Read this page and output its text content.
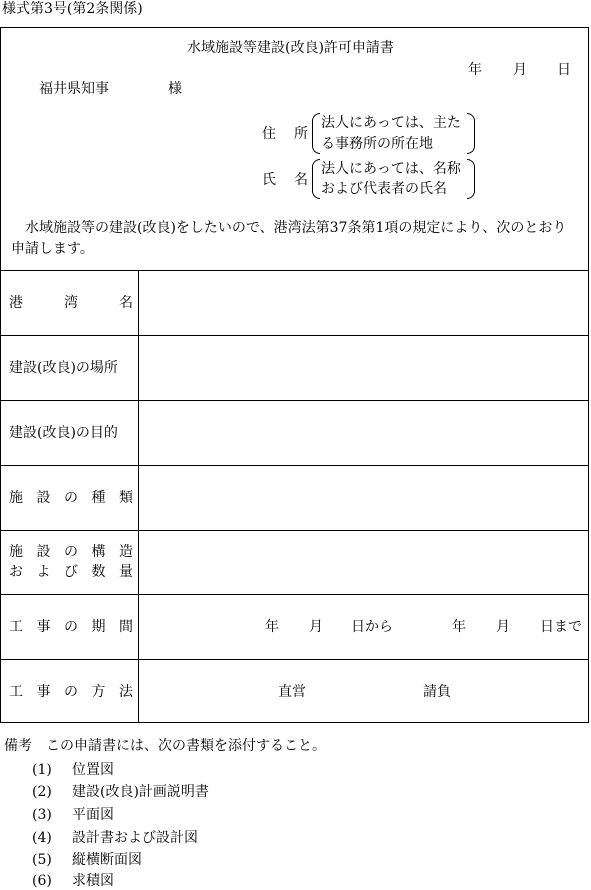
様式第3号(第2条関係)
水域施設等建設(改良)許可申請書
年 月 日
福井県知事	様
住 所
法人にあっては、主た
る事務所の所在地
氏 名
法人にあっては、名称
および代表者の氏名
水域施設等の建設(改良)をしたいので、港湾法第37条第1項の規定により、次のとおり
申請します。
港	湾	名
建設(改良)の場所
建設(改良)の目的
施 設 の 種 類
施 設 の 構 造
お よ び 数 量
工 事 の 期 間	年 月 日から	年 月 日まで
工 事 の 方 法	直営	請負
備考 この申請書には、次の書類を添付すること。
(1) 位置図
(2) 建設(改良)計画説明書
(3) 平面図
(4) 設計書および設計図
(5) 縦横断面図
(6) 求積図
